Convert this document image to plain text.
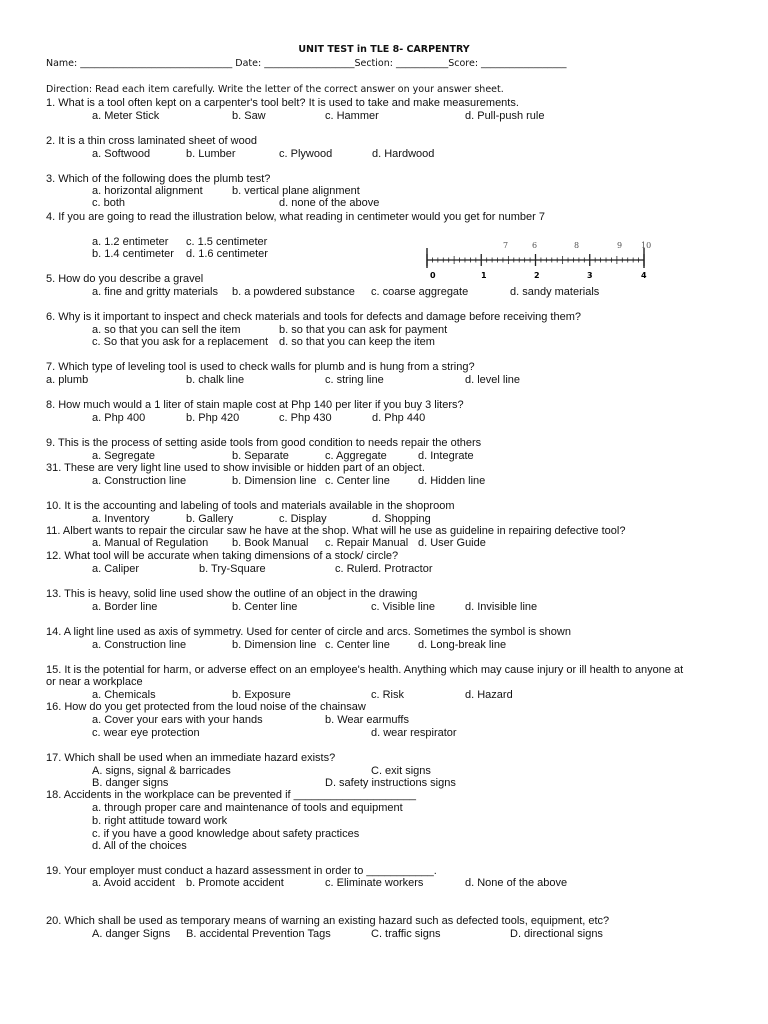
UNIT TEST in TLE 8- CARPENTRY
Name: ________________________________ Date: ___________________Section: ___________Score: __________________
Direction: Read each item carefully. Write the letter of the correct answer on your answer sheet.
1. What is a tool often kept on a carpenter's tool belt? It is used to take and make measurements.
a. Meter Stick	b. Saw	c. Hammer	d. Pull-push rule
2. It is a thin cross laminated sheet of wood
a. Softwood	b. Lumber	c. Plywood	d. Hardwood
3. Which of the following does the plumb test?
a. horizontal alignment	b. vertical plane alignment
c. both	d. none of the above
4. If you are going to read the illustration below, what reading in centimeter would you get for number 7
a. 1.2 entimeter c. 1.5 centimeter
b. 1.4 centimeter d. 1.6 centimeter
0	1	2	3	4
7	6	8	9 10
5. How do you describe a gravel
a. fine and gritty materials b. a powdered substance c. coarse aggregate	d. sandy materials
6. Why is it important to inspect and check materials and tools for defects and damage before receiving them?
a. so that you can sell the item	b. so that you can ask for payment
c. So that you ask for a replacement d. so that you can keep the item
7. Which type of leveling tool is used to check walls for plumb and is hung from a string?
a. plumb	b. chalk line	c. string line	d. level line
8. How much would a 1 liter of stain maple cost at Php 140 per liter if you buy 3 liters?
a. Php 400	b. Php 420	c. Php 430	d. Php 440
9. This is the process of setting aside tools from good condition to needs repair the others
a. Segregate	b. Separate	c. Aggregate	d. Integrate
31. These are very light line used to show invisible or hidden part of an object.
a. Construction line	b. Dimension line c. Center line	d. Hidden line
10. It is the accounting and labeling of tools and materials available in the shoproom
a. Inventory	b. Gallery	c. Display	d. Shopping
11. Albert wants to repair the circular saw he have at the shop. What will he use as guideline in repairing defective tool?
a. Manual of Regulation b. Book Manual c. Repair Manual d. User Guide
12. What tool will be accurate when taking dimensions of a stock/ circle?
a. Caliper	b. Try-Square	c. Ruler d. Protractor
13. This is heavy, solid line used show the outline of an object in the drawing
a. Border line	b. Center line	c. Visible line	d. Invisible line
14. A light line used as axis of symmetry. Used for center of circle and arcs. Sometimes the symbol is shown
a. Construction line	b. Dimension line c. Center line	d. Long-break line
15. It is the potential for harm, or adverse effect on an employee's health. Anything which may cause injury or ill health to anyone at
or near a workplace
a. Chemicals	b. Exposure	c. Risk	d. Hazard
16. How do you get protected from the loud noise of the chainsaw
a. Cover your ears with your hands	b. Wear earmuffs
c. wear eye protection	d. wear respirator
17. Which shall be used when an immediate hazard exists?
A. signs, signal & barricades	C. exit signs
B. danger signs	D. safety instructions signs
18. Accidents in the workplace can be prevented if ____________________
a. through proper care and maintenance of tools and equipment
b. right attitude toward work
c. if you have a good knowledge about safety practices
d. All of the choices
19. Your employer must conduct a hazard assessment in order to ___________.
a. Avoid accident b. Promote accident	c. Eliminate workers	d. None of the above
20. Which shall be used as temporary means of warning an existing hazard such as defected tools, equipment, etc?
A. danger Signs B. accidental Prevention Tags	C. traffic signs	D. directional signs
